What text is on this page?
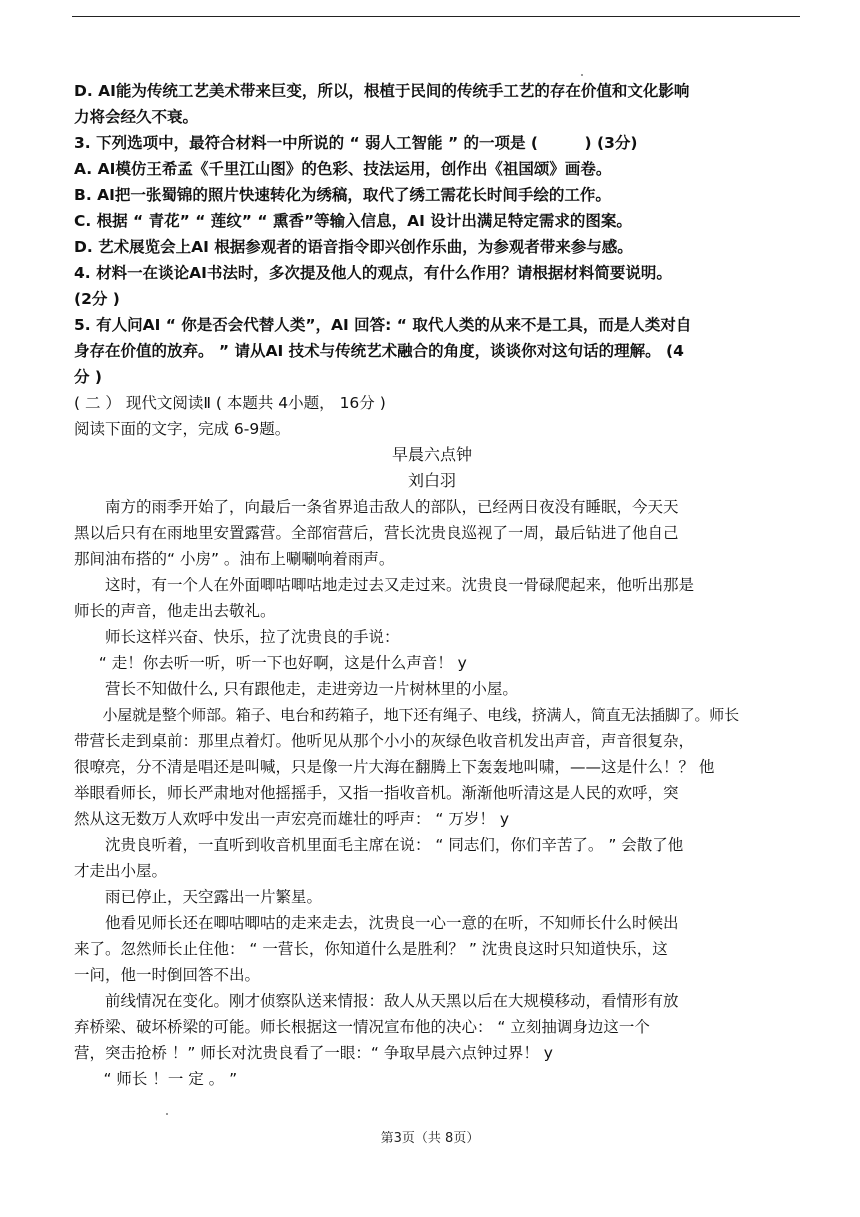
D. AI能为传统工艺美术带来巨变，所以，根植于民间的传统手工艺的存在价值和文化影响
力将会经久不衰。
3. 下列选项中，最符合材料一中所说的 “ 弱人工智能 ” 的一项是 (　　　) (3分)
A. AI模仿王希孟《千里江山图》的色彩、技法运用，创作出《祖国颂》画卷。
B. AI把一张蜀锦的照片快速转化为绣稿，取代了绣工需花长时间手绘的工作。
C. 根据 “ 青花” “ 莲纹” “ 熏香”等输入信息，AI 设计出满足特定需求的图案。
D. 艺术展览会上AI 根据参观者的语音指令即兴创作乐曲，为参观者带来参与感。
4. 材料一在谈论AI书法时，多次提及他人的观点，有什么作用？请根据材料简要说明。
(2分 )
5. 有人问AI “ 你是否会代替人类”，AI 回答: “ 取代人类的从来不是工具，而是人类对自
身存在价值的放弃。 ” 请从AI 技术与传统艺术融合的角度，谈谈你对这句话的理解。 (4
分 )
( 二 ） 现代文阅读Ⅱ ( 本题共 4小题， 16分 )
阅读下面的文字，完成 6-9题。
早晨六点钟
刘白羽
南方的雨季开始了，向最后一条省界追击敌人的部队，已经两日夜没有睡眠，今天天
黑以后只有在雨地里安置露营。全部宿营后，营长沈贵良巡视了一周，最后钻进了他自己
那间油布搭的“ 小房” 。油布上唰唰响着雨声。
这时，有一个人在外面唧咕唧咕地走过去又走过来。沈贵良一骨碌爬起来，他听出那是
师长的声音，他走出去敬礼。
师长这样兴奋、快乐，拉了沈贵良的手说：
“ 走！你去听一听，听一下也好啊，这是什么声音！ y
营长不知做什么, 只有跟他走，走进旁边一片树林里的小屋。
小屋就是整个师部。箱子、电台和药箱子，地下还有绳子、电线，挤满人，简直无法插脚了。师长
带营长走到桌前：那里点着灯。他听见从那个小小的灰绿色收音机发出声音，声音很复杂，
很嘹亮，分不清是唱还是叫喊，只是像一片大海在翻腾上下轰轰地叫啸，——这是什么！？ 他
举眼看师长，师长严肃地对他摇摇手，又指一指收音机。渐渐他听清这是人民的欢呼，突
然从这无数万人欢呼中发出一声宏亮而雄壮的呼声： “ 万岁！ y
沈贵良听着，一直听到收音机里面毛主席在说： “ 同志们，你们辛苦了。 ” 会散了他
才走出小屋。
雨已停止，天空露出一片繁星。
他看见师长还在唧咕唧咕的走来走去，沈贵良一心一意的在听，不知师长什么时候出
来了。忽然师长止住他： “ 一营长，你知道什么是胜利？ ” 沈贵良这时只知道快乐，这
一问，他一时倒回答不出。
前线情况在变化。刚才侦察队送来情报：敌人从天黑以后在大规模移动，看情形有放
弃桥梁、破坏桥梁的可能。师长根据这一情况宣布他的决心： “ 立刻抽调身边这一个
营，突击抢桥 ！” 师长对沈贵良看了一眼：“ 争取早晨六点钟过界！ y
“ 师长 ！一 定 。 ”
第3页（共 8页）
